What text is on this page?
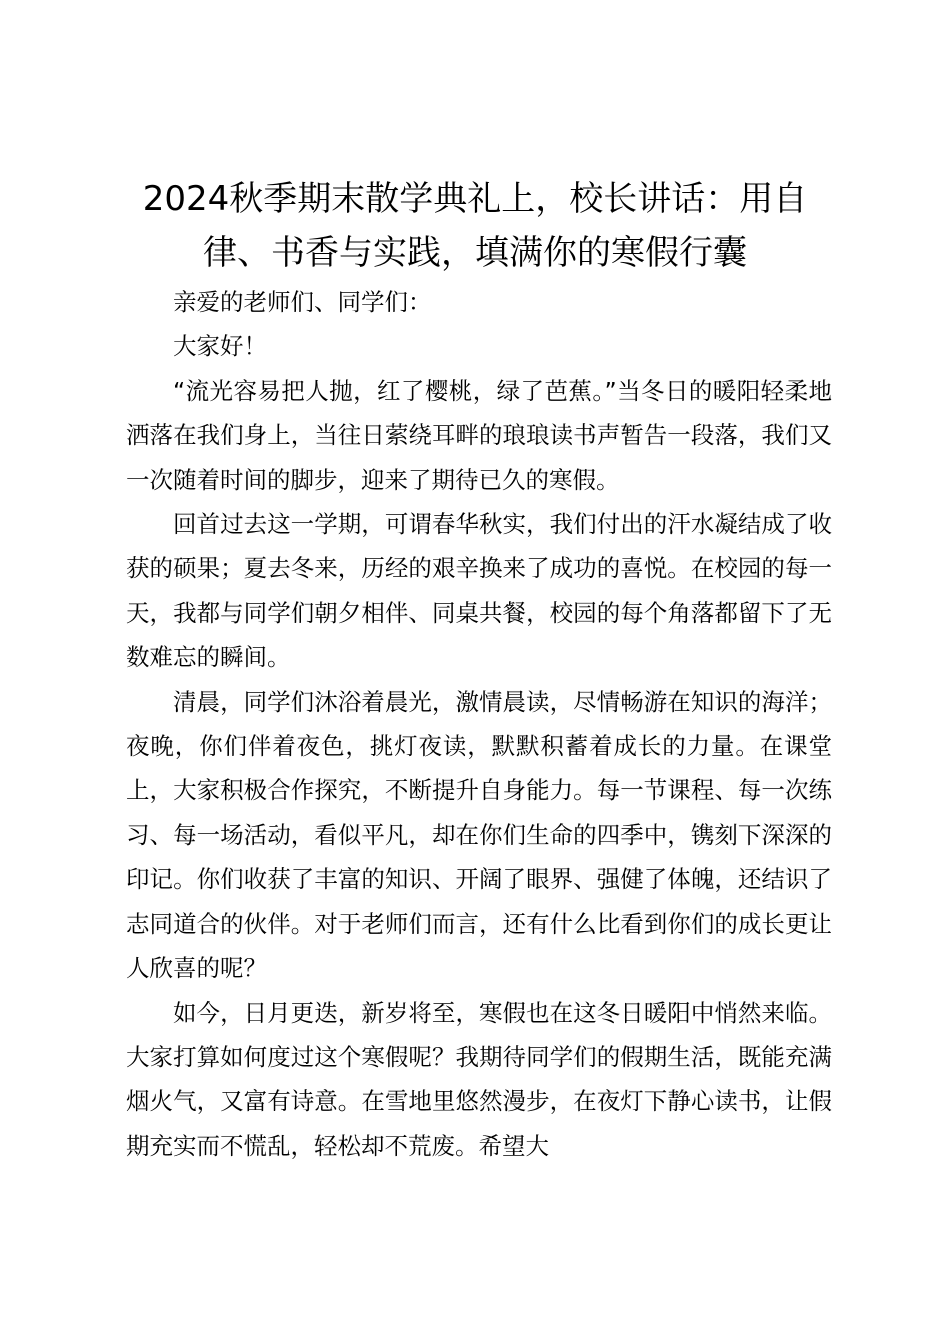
2024秋季期末散学典礼上，校长讲话：用自律、书香与实践，填满你的寒假行囊

亲爱的老师们、同学们：

大家好！

“流光容易把人抛，红了樱桃，绿了芭蕉。”当冬日的暖阳轻柔地洒落在我们身上，当往日萦绕耳畔的琅琅读书声暂告一段落，我们又一次随着时间的脚步，迎来了期待已久的寒假。

回首过去这一学期，可谓春华秋实，我们付出的汗水凝结成了收获的硕果；夏去冬来，历经的艰辛换来了成功的喜悦。在校园的每一天，我都与同学们朝夕相伴、同桌共餐，校园的每个角落都留下了无数难忘的瞬间。

清晨，同学们沐浴着晨光，激情晨读，尽情畅游在知识的海洋；夜晚，你们伴着夜色，挑灯夜读，默默积蓄着成长的力量。在课堂上，大家积极合作探究，不断提升自身能力。每一节课程、每一次练习、每一场活动，看似平凡，却在你们生命的四季中，镌刻下深深的印记。你们收获了丰富的知识、开阔了眼界、强健了体魄，还结识了志同道合的伙伴。对于老师们而言，还有什么比看到你们的成长更让人欣喜的呢？

如今，日月更迭，新岁将至，寒假也在这冬日暖阳中悄然来临。大家打算如何度过这个寒假呢？我期待同学们的假期生活，既能充满烟火气，又富有诗意。在雪地里悠然漫步，在夜灯下静心读书，让假期充实而不慌乱，轻松却不荒废。希望大
